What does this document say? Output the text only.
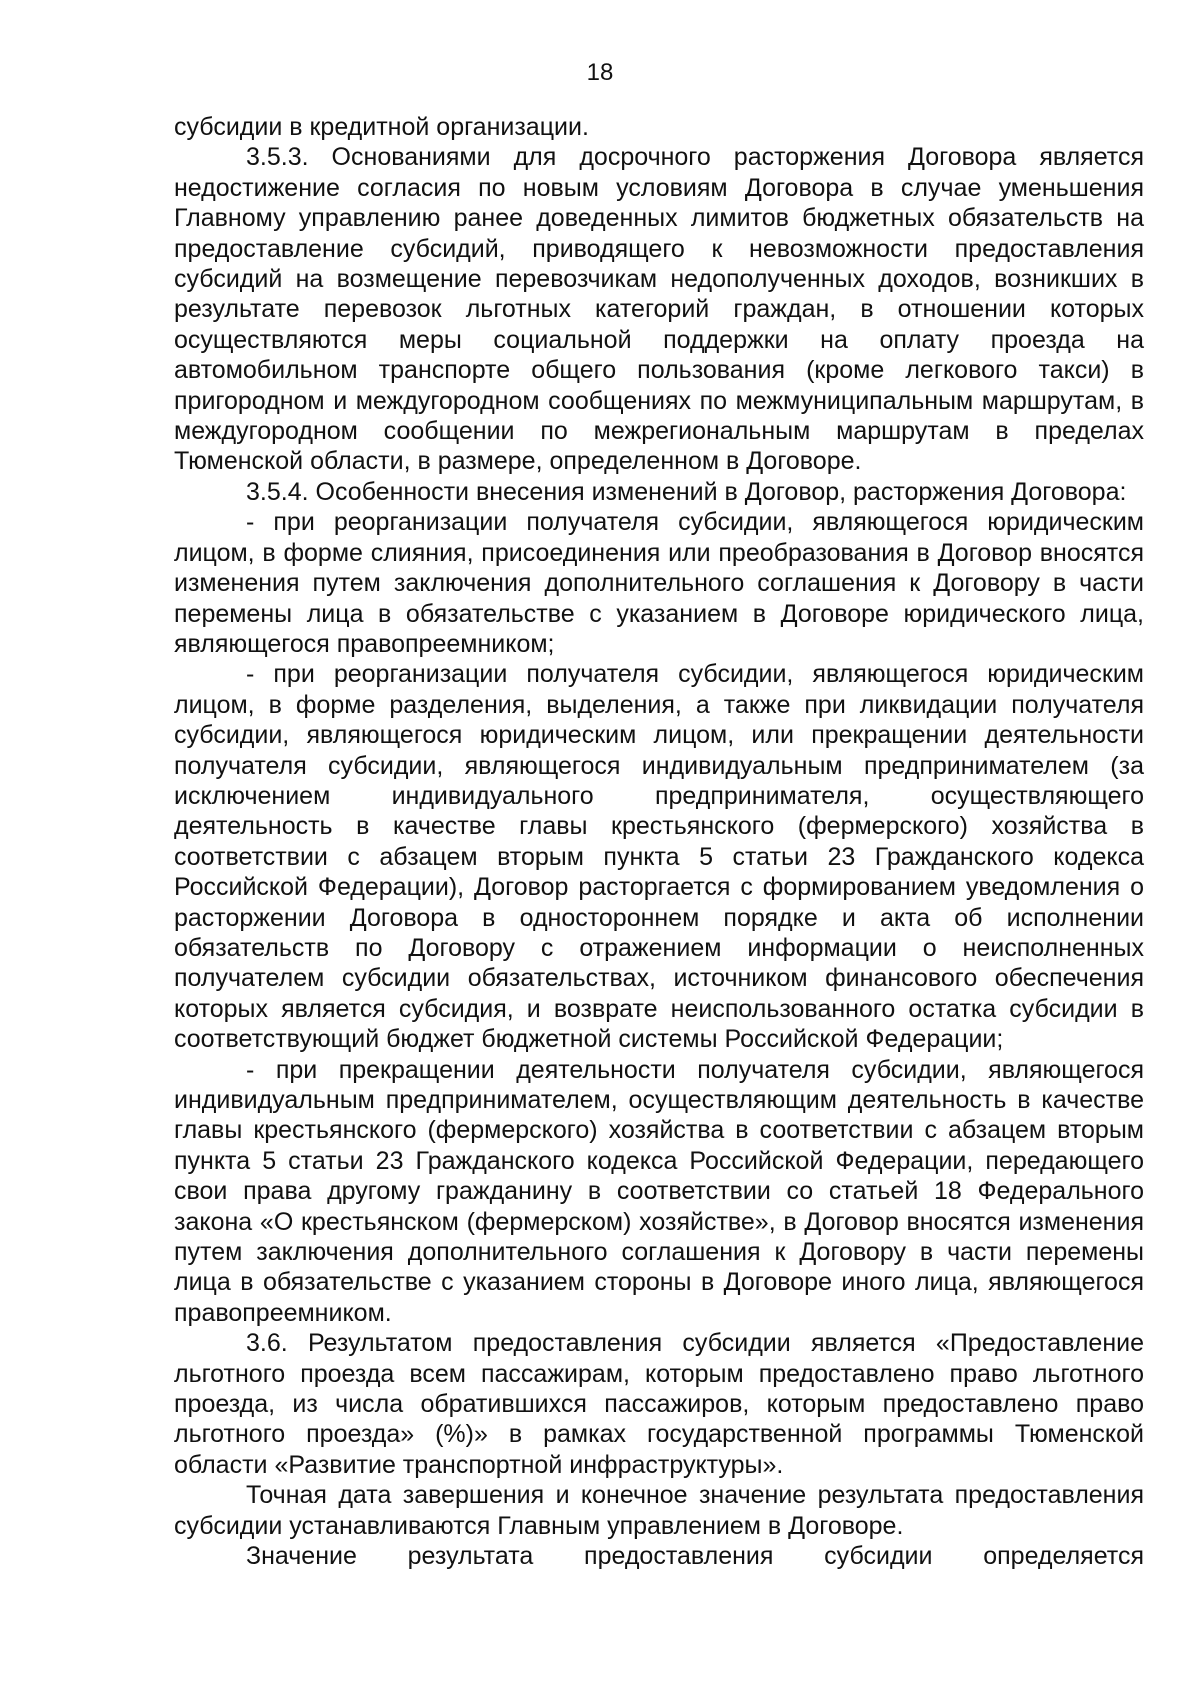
18

субсидии в кредитной организации.

3.5.3. Основаниями для досрочного расторжения Договора является недостижение согласия по новым условиям Договора в случае уменьшения Главному управлению ранее доведенных лимитов бюджетных обязательств на предоставление субсидий, приводящего к невозможности предоставления субсидий на возмещение перевозчикам недополученных доходов, возникших в результате перевозок льготных категорий граждан, в отношении которых осуществляются меры социальной поддержки на оплату проезда на автомобильном транспорте общего пользования (кроме легкового такси) в пригородном и междугородном сообщениях по межмуниципальным маршрутам, в междугородном сообщении по межрегиональным маршрутам в пределах Тюменской области, в размере, определенном в Договоре.

3.5.4. Особенности внесения изменений в Договор, расторжения Договора:

- при реорганизации получателя субсидии, являющегося юридическим лицом, в форме слияния, присоединения или преобразования в Договор вносятся изменения путем заключения дополнительного соглашения к Договору в части перемены лица в обязательстве с указанием в Договоре юридического лица, являющегося правопреемником;

- при реорганизации получателя субсидии, являющегося юридическим лицом, в форме разделения, выделения, а также при ликвидации получателя субсидии, являющегося юридическим лицом, или прекращении деятельности получателя субсидии, являющегося индивидуальным предпринимателем (за исключением индивидуального предпринимателя, осуществляющего деятельность в качестве главы крестьянского (фермерского) хозяйства в соответствии с абзацем вторым пункта 5 статьи 23 Гражданского кодекса Российской Федерации), Договор расторгается с формированием уведомления о расторжении Договора в одностороннем порядке и акта об исполнении обязательств по Договору с отражением информации о неисполненных получателем субсидии обязательствах, источником финансового обеспечения которых является субсидия, и возврате неиспользованного остатка субсидии в соответствующий бюджет бюджетной системы Российской Федерации;

- при прекращении деятельности получателя субсидии, являющегося индивидуальным предпринимателем, осуществляющим деятельность в качестве главы крестьянского (фермерского) хозяйства в соответствии с абзацем вторым пункта 5 статьи 23 Гражданского кодекса Российской Федерации, передающего свои права другому гражданину в соответствии со статьей 18 Федерального закона «О крестьянском (фермерском) хозяйстве», в Договор вносятся изменения путем заключения дополнительного соглашения к Договору в части перемены лица в обязательстве с указанием стороны в Договоре иного лица, являющегося правопреемником.

3.6. Результатом предоставления субсидии является «Предоставление льготного проезда всем пассажирам, которым предоставлено право льготного проезда, из числа обратившихся пассажиров, которым предоставлено право льготного проезда» (%)» в рамках государственной программы Тюменской области «Развитие транспортной инфраструктуры».

Точная дата завершения и конечное значение результата предоставления субсидии устанавливаются Главным управлением в Договоре.

Значение результата предоставления субсидии определяется
